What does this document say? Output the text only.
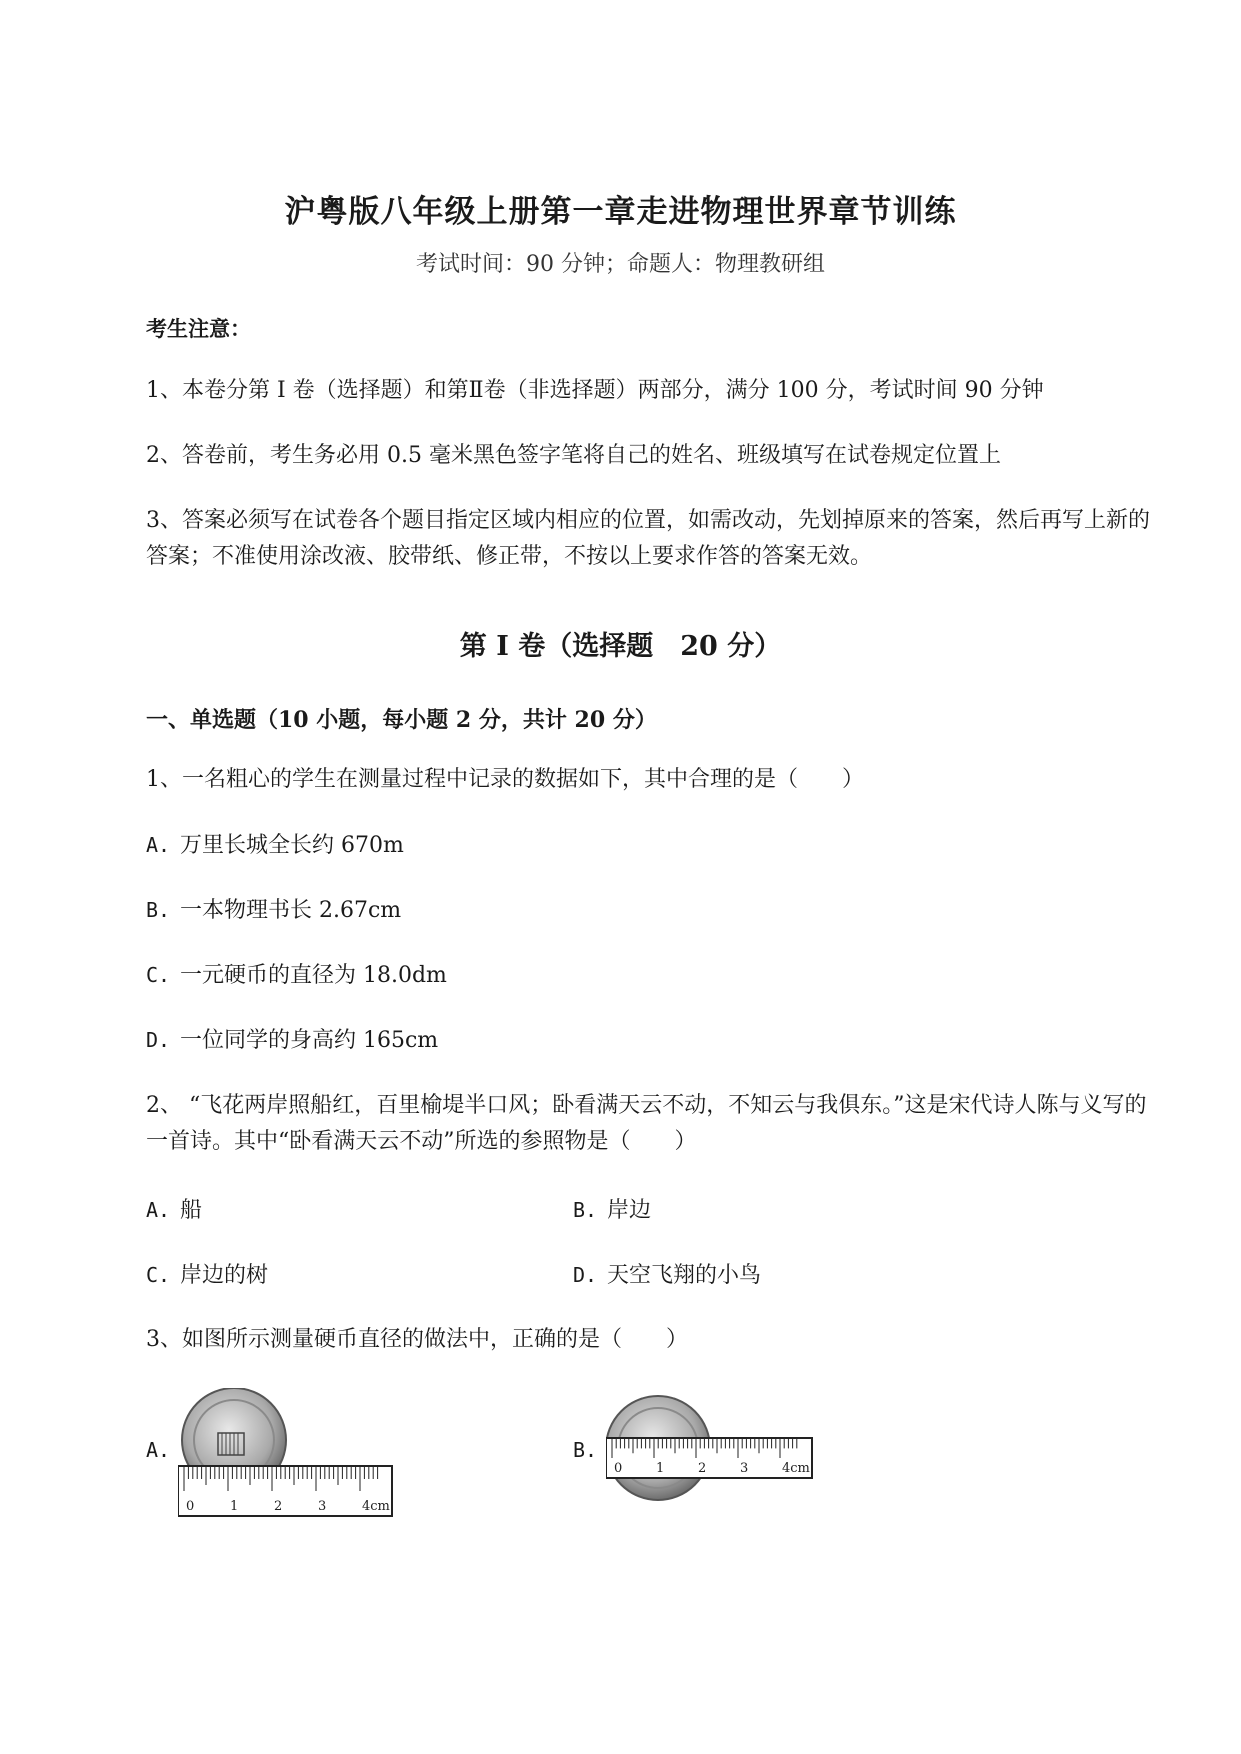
沪粤版八年级上册第一章走进物理世界章节训练
考试时间：90 分钟；命题人：物理教研组
考生注意：
1、本卷分第 I 卷（选择题）和第Ⅱ卷（非选择题）两部分，满分 100 分，考试时间 90 分钟
2、答卷前，考生务必用 0.5 毫米黑色签字笔将自己的姓名、班级填写在试卷规定位置上
3、答案必须写在试卷各个题目指定区域内相应的位置，如需改动，先划掉原来的答案，然后再写上新的答案；不准使用涂改液、胶带纸、修正带，不按以上要求作答的答案无效。
第 I 卷（选择题　20 分）
一、单选题（10 小题，每小题 2 分，共计 20 分）
1、一名粗心的学生在测量过程中记录的数据如下，其中合理的是（　　）
A. 万里长城全长约 670m
B. 一本物理书长 2.67cm
C. 一元硬币的直径为 18.0dm
D. 一位同学的身高约 165cm
2、 “飞花两岸照船红，百里榆堤半口风；卧看满天云不动，不知云与我俱东。”这是宋代诗人陈与义写的一首诗。其中“卧看满天云不动”所选的参照物是（　　）
A. 船	B. 岸边
C. 岸边的树	D. 天空飞翔的小鸟
3、如图所示测量硬币直径的做法中，正确的是（　　）
A.
0	1	2	3	4cm
B.
0	1	2	3	4cm
